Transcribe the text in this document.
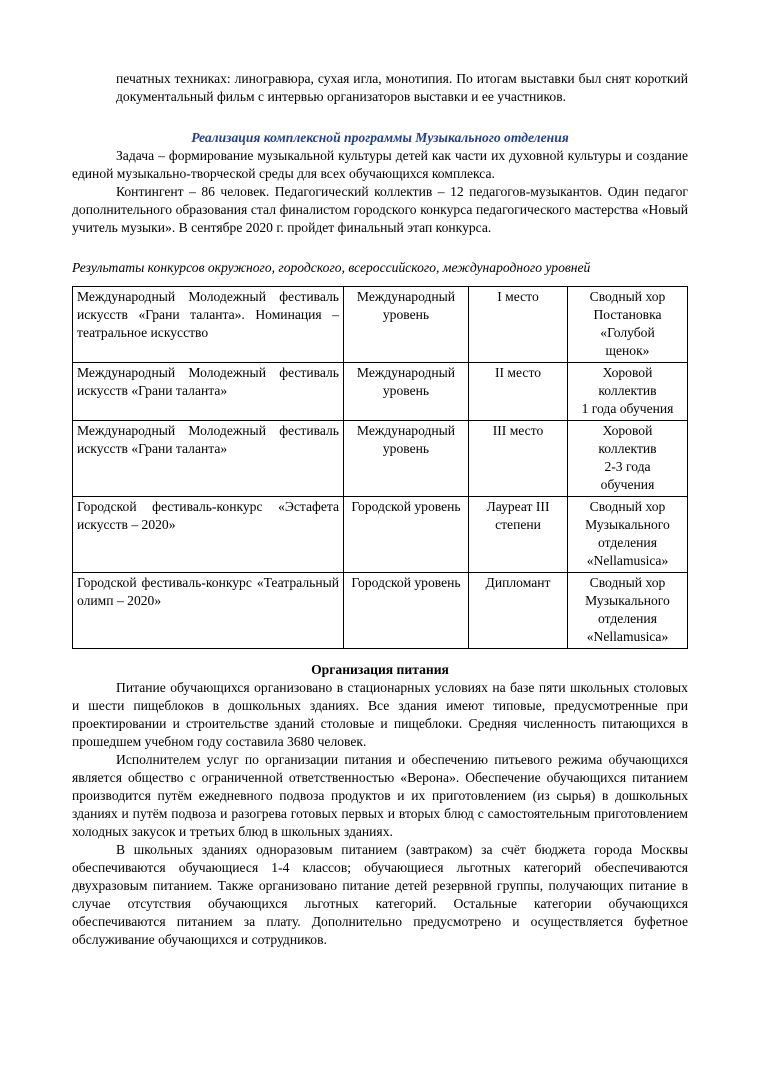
печатных техниках: линогравюра, сухая игла, монотипия. По итогам выставки был снят короткий документальный фильм с интервью организаторов выставки и ее участников.

Реализация комплексной программы Музыкального отделения

Задача – формирование музыкальной культуры детей как части их духовной культуры и создание единой музыкально-творческой среды для всех обучающихся комплекса.

Контингент – 86 человек. Педагогический коллектив – 12 педагогов-музыкантов. Один педагог дополнительного образования стал финалистом городского конкурса педагогического мастерства «Новый учитель музыки». В сентябре 2020 г. пройдет финальный этап конкурса.

Результаты конкурсов окружного, городского, всероссийского, международного уровней

Международный Молодежный фестиваль искусств «Грани таланта». Номинация – театральное искусство	Международный уровень	I место	Сводный хор
Постановка
«Голубой
щенок»

Международный Молодежный фестиваль искусств «Грани таланта»	Международный уровень	II место	Хоровой
коллектив
1 года обучения

Международный Молодежный фестиваль искусств «Грани таланта»	Международный уровень	III место	Хоровой
коллектив
2-3 года
обучения

Городской фестиваль-конкурс «Эстафета искусств – 2020»	Городской уровень	Лауреат III степени	Сводный хор
Музыкального
отделения
«Nellamusica»

Городской фестиваль-конкурс «Театральный олимп – 2020»	Городской уровень	Дипломант	Сводный хор
Музыкального
отделения
«Nellamusica»

Организация питания

Питание обучающихся организовано в стационарных условиях на базе пяти школьных столовых и шести пищеблоков в дошкольных зданиях. Все здания имеют типовые, предусмотренные при проектировании и строительстве зданий столовые и пищеблоки. Средняя численность питающихся в прошедшем учебном году составила 3680 человек.

Исполнителем услуг по организации питания и обеспечению питьевого режима обучающихся является общество с ограниченной ответственностью «Верона». Обеспечение обучающихся питанием производится путём ежедневного подвоза продуктов и их приготовлением (из сырья) в дошкольных зданиях и путём подвоза и разогрева готовых первых и вторых блюд с самостоятельным приготовлением холодных закусок и третьих блюд в школьных зданиях.

В школьных зданиях одноразовым питанием (завтраком) за счёт бюджета города Москвы обеспечиваются обучающиеся 1-4 классов; обучающиеся льготных категорий обеспечиваются двухразовым питанием. Также организовано питание детей резервной группы, получающих питание в случае отсутствия обучающихся льготных категорий. Остальные категории обучающихся обеспечиваются питанием за плату. Дополнительно предусмотрено и осуществляется буфетное обслуживание обучающихся и сотрудников.
